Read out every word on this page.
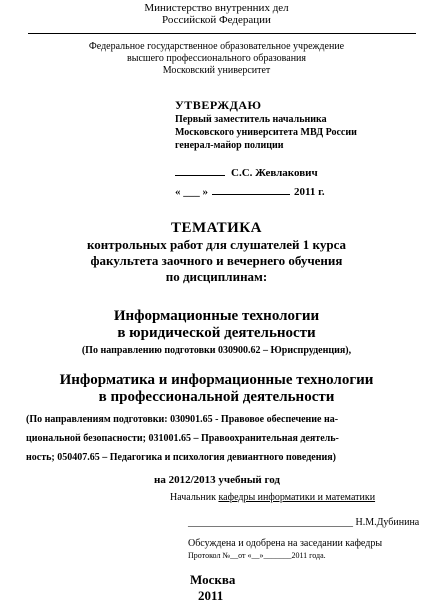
Министерство внутренних дел
Российской Федерации
Федеральное государственное образовательное учреждение
высшего профессионального образования
Московский университет
УТВЕРЖДАЮ
Первый заместитель начальника
Московского университета МВД России
генерал-майор полиции
С.С. Жевлакович
« ___ »	2011 г.
ТЕМАТИКА
контрольных работ для слушателей 1 курса
факультета заочного и вечернего обучения
по дисциплинам:
Информационные технологии
в юридической деятельности
(По направлению подготовки 030900.62 – Юриспруденция),
Информатика и информационные технологии
в профессиональной деятельности
(По направлениям подготовки: 030901.65 - Правовое обеспечение на-
циональной безопасности; 031001.65 – Правоохранительная деятель-
ность; 050407.65 – Педагогика и психология девиантного поведения)
на 2012/2013 учебный год
Начальник кафедры информатики и математики
_________________________________ Н.М.Дубинина
Обсуждена и одобрена на заседании кафедры
Протокол №__от «__»_______2011 года.
Москва
2011
